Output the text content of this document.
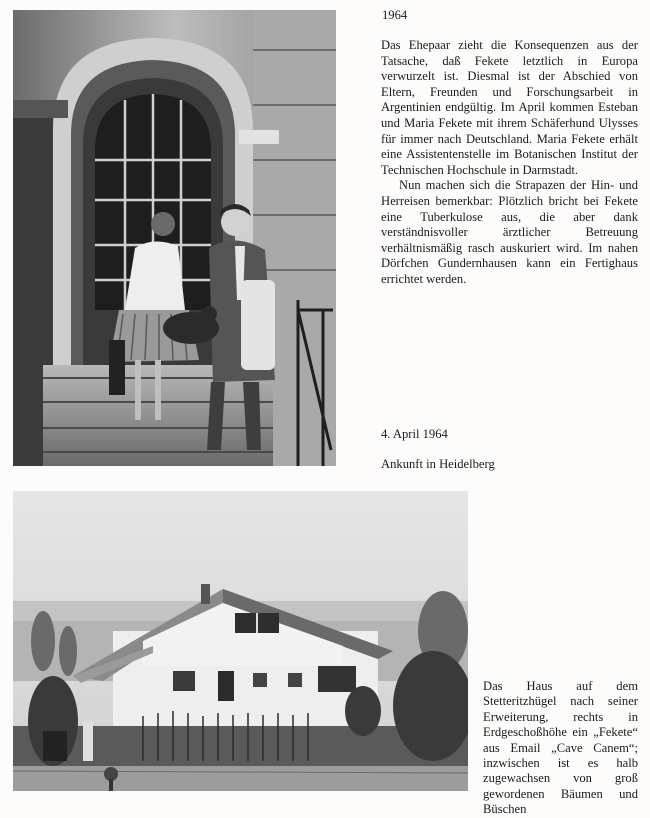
1964

Das Ehepaar zieht die Konsequenzen aus der Tatsache, daß Fekete letztlich in Europa verwurzelt ist. Diesmal ist der Abschied von Eltern, Freunden und Forschungsarbeit in Argentinien endgültig. Im April kommen Esteban und Maria Fekete mit ihrem Schäferhund Ulysses für immer nach Deutschland. Maria Fekete erhält eine Assistentenstelle im Botanischen Institut der Technischen Hochschule in Darmstadt.

Nun machen sich die Strapazen der Hin- und Herreisen bemerkbar: Plötzlich bricht bei Fekete eine Tuberkulose aus, die aber dank verständnisvoller ärztlicher Betreuung verhältnismäßig rasch auskuriert wird. Im nahen Dörfchen Gundernhausen kann ein Fertighaus errichtet werden.

4. April 1964
Ankunft in Heidelberg
Das Haus auf dem Stetteritzhügel nach seiner Erweiterung, rechts in Erdgeschoßhöhe ein „Fekete“ aus Email „Cave Canem“; inzwischen ist es halb zugewachsen von groß gewordenen Bäumen und Büschen
